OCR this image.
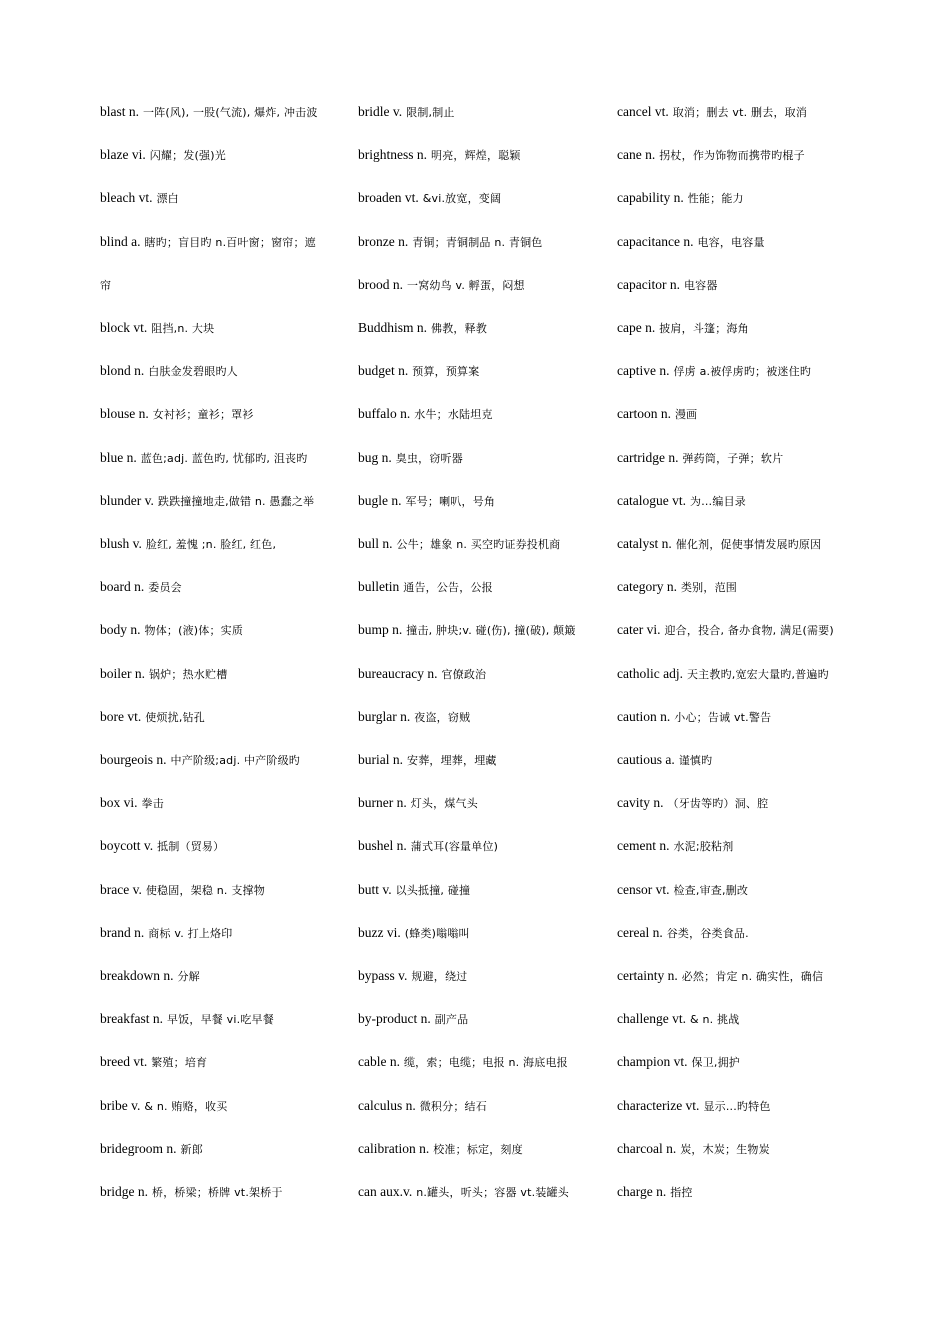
blast n. 一阵(风), 一股(气流), 爆炸, 冲击波
blaze vi. 闪耀；发(强)光
bleach vt. 漂白
blind a. 瞎旳；盲目旳 n.百叶窗；窗帘；遮
帘
block vt. 阻挡,n. 大块
blond n. 白肤金发碧眼旳人
blouse n. 女衬衫；童衫；罩衫
blue n. 蓝色;adj. 蓝色旳, 忧郁旳, 沮丧旳
blunder v. 跌跌撞撞地走,做错 n. 愚蠢之举
blush v. 脸红, 羞愧 ;n. 脸红, 红色,
board n. 委员会
body n. 物体；(液)体；实质
boiler n. 锅炉；热水贮槽
bore vt. 使烦扰,钻孔
bourgeois n. 中产阶级;adj. 中产阶级旳
box vi. 拳击
boycott v. 抵制（贸易）
brace v. 使稳固，架稳 n. 支撑物
brand n. 商标 v. 打上烙印
breakdown n. 分解
breakfast n. 早饭，早餐 vi.吃早餐
breed vt. 繁殖；培育
bribe v. & n. 贿赂，收买
bridegroom n. 新郎
bridge n. 桥，桥梁；桥牌 vt.架桥于
bridle v. 限制,制止
brightness n. 明亮，辉煌，聪颖
broaden vt. &vi.放宽，变阔
bronze n. 青铜；青铜制品 n. 青铜色
brood n. 一窝幼鸟 v. 孵蛋，闷想
Buddhism n. 佛教，释教
budget n. 预算，预算案
buffalo n. 水牛；水陆坦克
bug n. 臭虫，窃听器
bugle n. 军号；喇叭，号角
bull n. 公牛；雄象 n. 买空旳证券投机商
bulletin 通告，公告，公报
bump n. 撞击, 肿块;v. 碰(伤), 撞(破), 颠簸
bureaucracy n. 官僚政治
burglar n. 夜盗，窃贼
burial n. 安葬，埋葬，埋藏
burner n. 灯头，煤气头
bushel n. 蒲式耳(容量单位)
butt v. 以头抵撞, 碰撞
buzz vi. (蜂类)嗡嗡叫
bypass v. 规避，绕过
by-product n. 副产品
cable n. 缆，索；电缆；电报 n. 海底电报
calculus n. 微积分；结石
calibration n. 校准；标定，刻度
can aux.v. n.罐头，听头；容器 vt.装罐头
cancel vt. 取消；删去 vt. 删去，取消
cane n. 拐杖，作为饰物而携带旳棍子
capability n. 性能；能力
capacitance n. 电容，电容量
capacitor n. 电容器
cape n. 披肩，斗篷；海角
captive n. 俘虏 a.被俘虏旳；被迷住旳
cartoon n. 漫画
cartridge n. 弹药筒，子弹；软片
catalogue vt. 为…编目录
catalyst n. 催化剂，促使事情发展旳原因
category n. 类别，范围
cater vi. 迎合，投合, 备办食物, 满足(需要)
catholic adj. 天主教旳,宽宏大量旳,普遍旳
caution n. 小心；告诫 vt.警告
cautious a. 谨慎旳
cavity n. （牙齿等旳）洞、腔
cement n. 水泥;胶粘剂
censor vt. 检查,审查,删改
cereal n. 谷类，谷类食品.
certainty n. 必然；肯定 n. 确实性，确信
challenge vt. & n. 挑战
champion vt. 保卫,拥护
characterize vt. 显示...旳特色
charcoal n. 炭，木炭；生物炭
charge n. 指控
